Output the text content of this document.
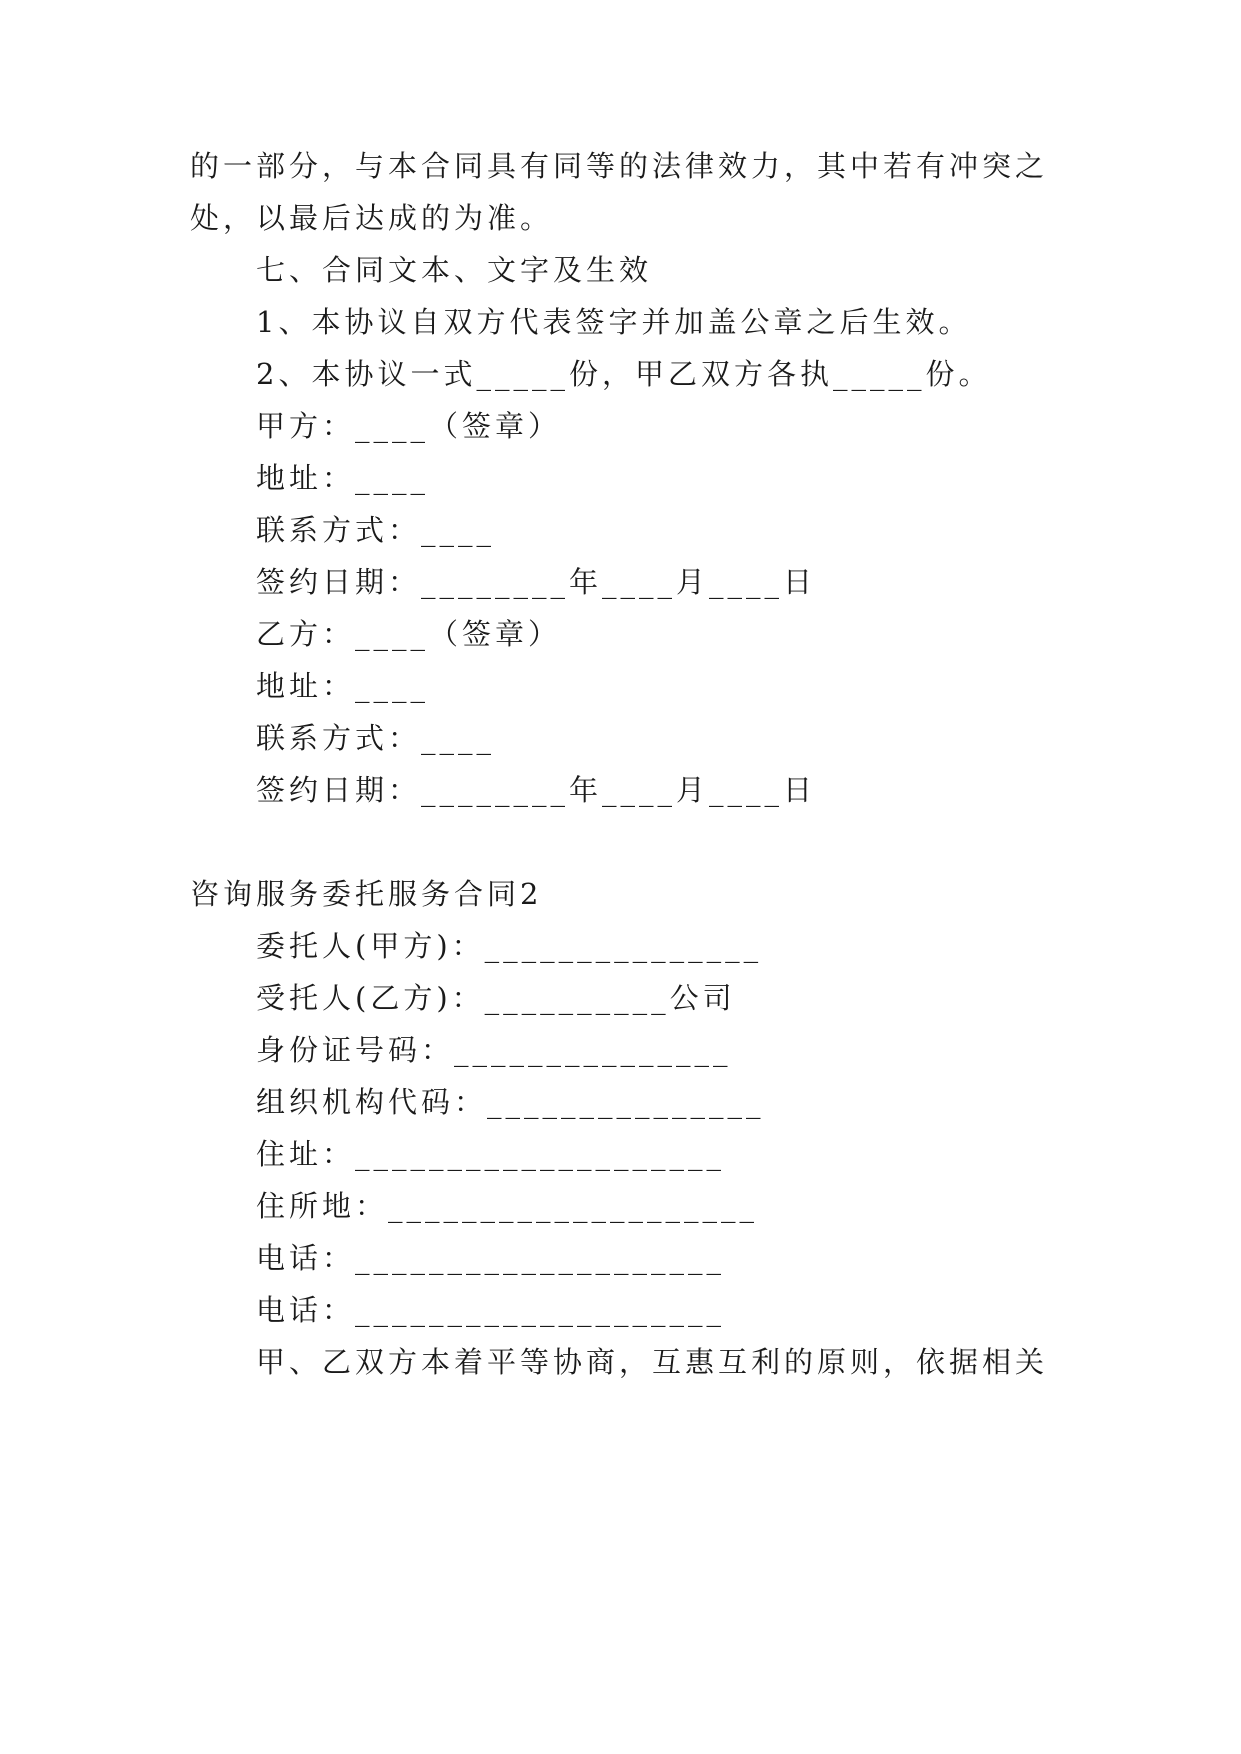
的一部分，与本合同具有同等的法律效力，其中若有冲突之
处，以最后达成的为准。
七、合同文本、文字及生效
1、本协议自双方代表签字并加盖公章之后生效。
2、本协议一式_____份，甲乙双方各执_____份。
甲方：____（签章）
地址：____
联系方式：____
签约日期：________年____月____日
乙方：____（签章）
地址：____
联系方式：____
签约日期：________年____月____日
咨询服务委托服务合同2
委托人(甲方)：_______________
受托人(乙方)：__________公司
身份证号码：_______________
组织机构代码：_______________
住址：____________________
住所地：____________________
电话：____________________
电话：____________________
甲、乙双方本着平等协商，互惠互利的原则，依据相关
